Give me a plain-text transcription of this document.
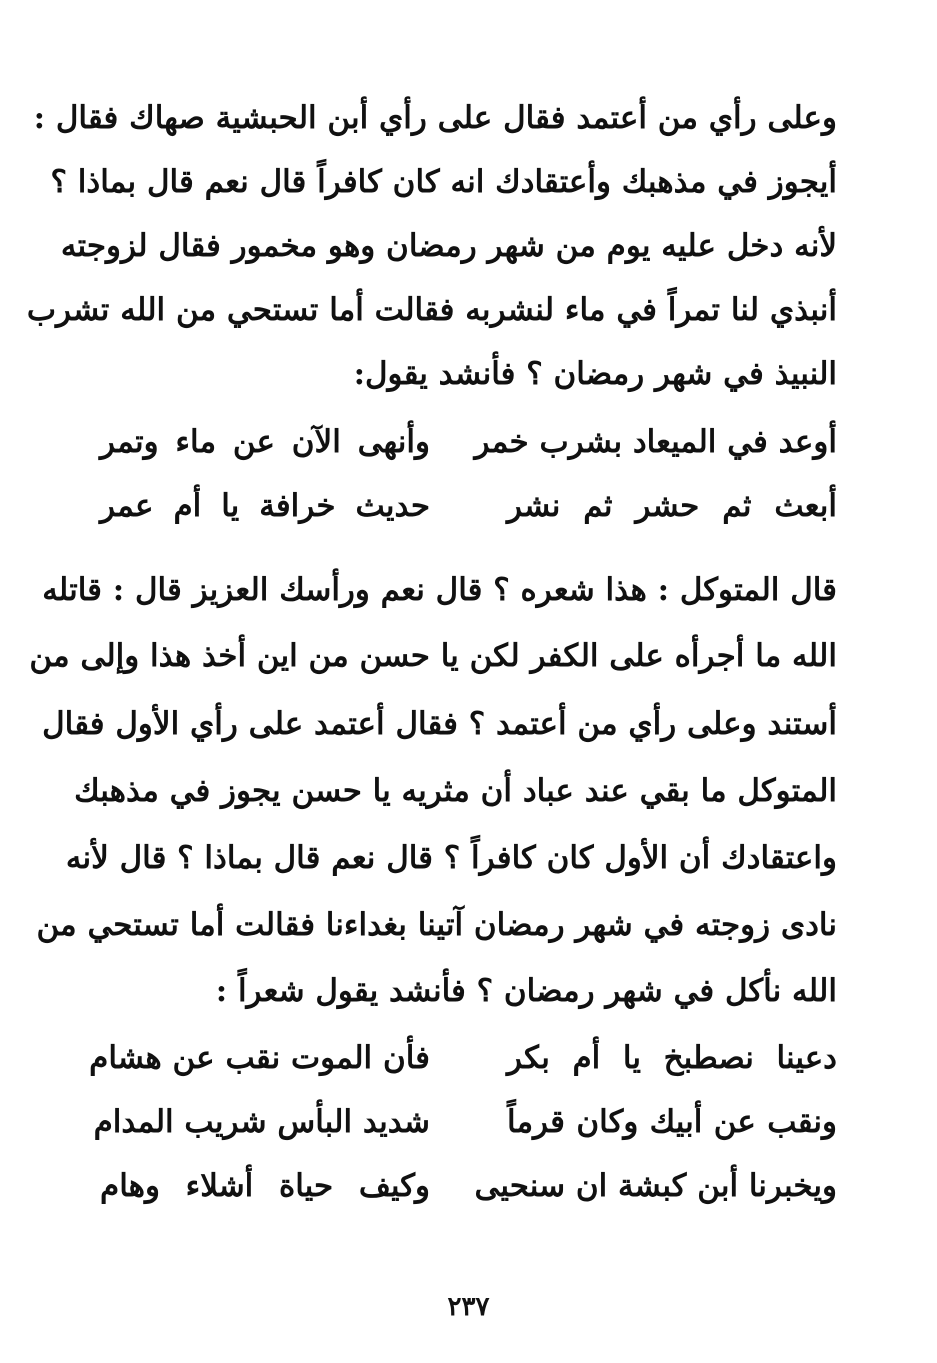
وعلى رأي من أعتمد فقال على رأي أبن الحبشية صهاك فقال :
أيجوز في مذهبك وأعتقادك انه كان كافراً قال نعم قال بماذا ؟
لأنه دخل عليه يوم من شهر رمضان وهو مخمور فقال لزوجته
أنبذي لنا تمراً في ماء لنشربه فقالت أما تستحي من الله تشرب
النبيذ في شهر رمضان ؟ فأنشد يقول:
أوعد في الميعاد بشرب خمر
وأنهى الآن عن ماء وتمر
أبعث ثم حشر ثم نشر
حديث خرافة يا أم عمر
قال المتوكل : هذا شعره ؟ قال نعم ورأسك العزيز قال : قاتله
الله ما أجرأه على الكفر لكن يا حسن من اين أخذ هذا وإلى من
أستند وعلى رأي من أعتمد ؟ فقال أعتمد على رأي الأول فقال
المتوكل ما بقي عند عباد أن مثريه يا حسن يجوز في مذهبك
واعتقادك أن الأول كان كافراً ؟ قال نعم قال بماذا ؟ قال لأنه
نادى زوجته في شهر رمضان آتينا بغداءنا فقالت أما تستحي من
الله نأكل في شهر رمضان ؟ فأنشد يقول شعراً :
دعينا نصطبخ يا أم بكر
فأن الموت نقب عن هشام
ونقب عن أبيك وكان قرماً
شديد البأس شريب المدام
ويخبرنا أبن كبشة ان سنحيى
وكيف حياة أشلاء وهام
٢٣٧
